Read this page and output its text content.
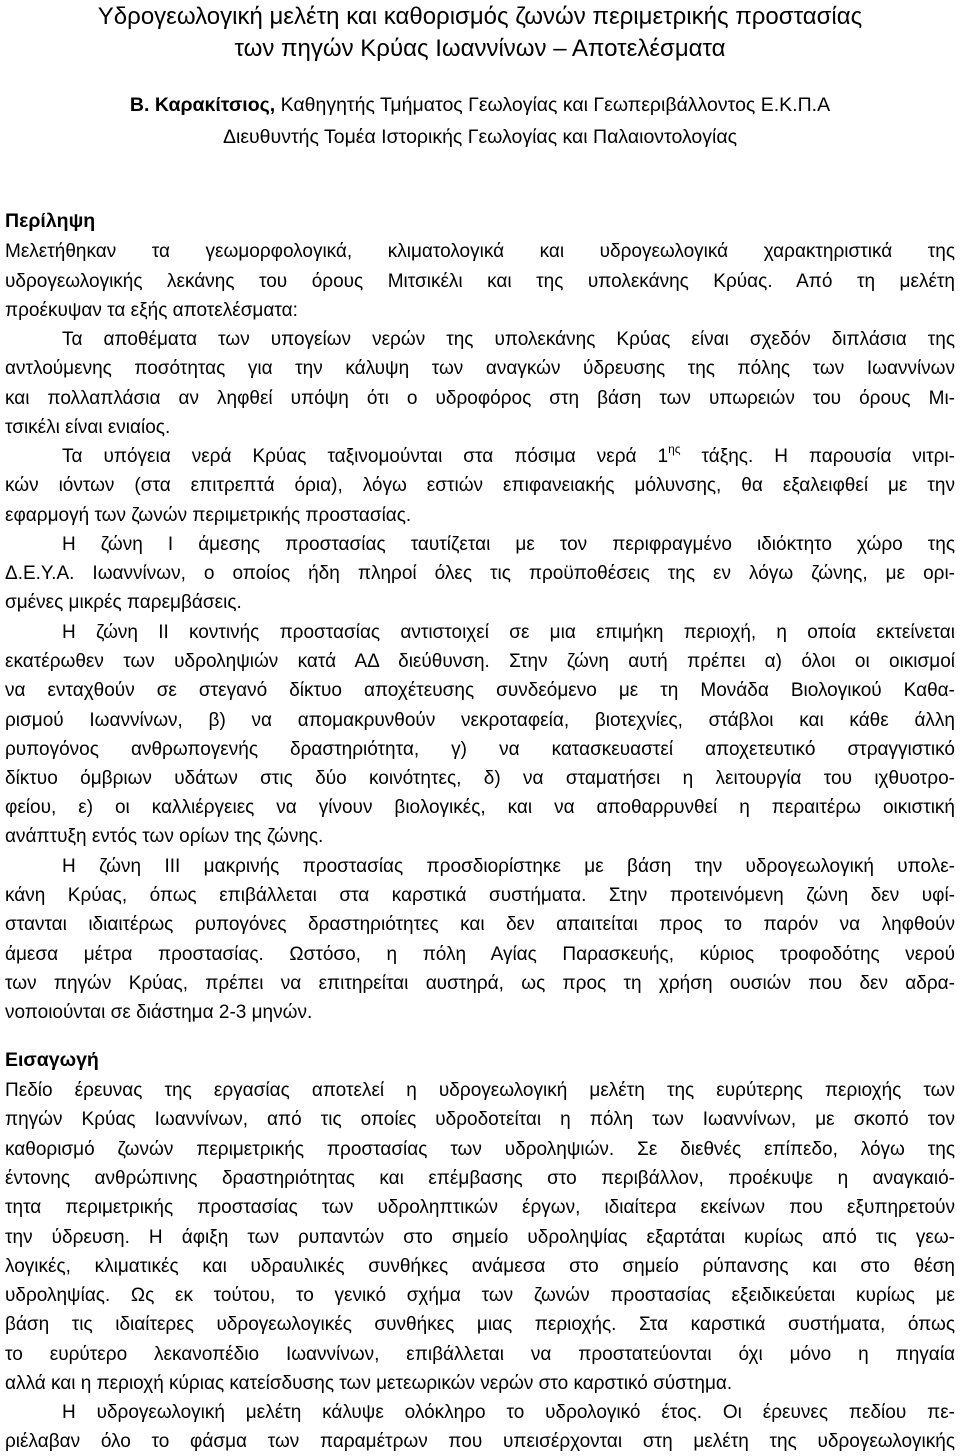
Υδρογεωλογική μελέτη και καθορισμός ζωνών περιμετρικής προστασίας
των πηγών Κρύας Ιωαννίνων – Αποτελέσματα
Β. Καρακίτσιος, Καθηγητής Τμήματος Γεωλογίας και Γεωπεριβάλλοντος Ε.Κ.Π.Α
Διευθυντής Τομέα Ιστορικής Γεωλογίας και Παλαιοντολογίας
Περίληψη
Μελετήθηκαν τα γεωμορφολογικά, κλιματολογικά και υδρογεωλογικά χαρακτηριστικά της
υδρογεωλογικής λεκάνης του όρους Μιτσικέλι και της υπολεκάνης Κρύας. Από τη μελέτη
προέκυψαν τα εξής αποτελέσματα:
Τα αποθέματα των υπογείων νερών της υπολεκάνης Κρύας είναι σχεδόν διπλάσια της
αντλούμενης ποσότητας για την κάλυψη των αναγκών ύδρευσης της πόλης των Ιωαννίνων
και πολλαπλάσια αν ληφθεί υπόψη ότι ο υδροφόρος στη βάση των υπωρειών του όρους Μι-
τσικέλι είναι ενιαίος.
Τα υπόγεια νερά Κρύας ταξινομούνται στα πόσιμα νερά $1^{\eta\varsigma}$ τάξης. Η παρουσία νιτρι-
κών ιόντων (στα επιτρεπτά όρια), λόγω εστιών επιφανειακής μόλυνσης, θα εξαλειφθεί με την
εφαρμογή των ζωνών περιμετρικής προστασίας.
Η ζώνη Ι άμεσης προστασίας ταυτίζεται με τον περιφραγμένο ιδιόκτητο χώρο της
Δ.Ε.Υ.Α. Ιωαννίνων, ο οποίος ήδη πληροί όλες τις προϋποθέσεις της εν λόγω ζώνης, με ορι-
σμένες μικρές παρεμβάσεις.
Η ζώνη ΙΙ κοντινής προστασίας αντιστοιχεί σε μια επιμήκη περιοχή, η οποία εκτείνεται
εκατέρωθεν των υδροληψιών κατά ΑΔ διεύθυνση. Στην ζώνη αυτή πρέπει α) όλοι οι οικισμοί
να ενταχθούν σε στεγανό δίκτυο αποχέτευσης συνδεόμενο με τη Μονάδα Βιολογικού Καθα-
ρισμού Ιωαννίνων, β) να απομακρυνθούν νεκροταφεία, βιοτεχνίες, στάβλοι και κάθε άλλη
ρυπογόνος ανθρωπογενής δραστηριότητα, γ) να κατασκευαστεί αποχετευτικό στραγγιστικό
δίκτυο όμβριων υδάτων στις δύο κοινότητες, δ) να σταματήσει η λειτουργία του ιχθυοτρο-
φείου, ε) οι καλλιέργειες να γίνουν βιολογικές, και να αποθαρρυνθεί η περαιτέρω οικιστική
ανάπτυξη εντός των ορίων της ζώνης.
Η ζώνη ΙΙΙ μακρινής προστασίας προσδιορίστηκε με βάση την υδρογεωλογική υπολε-
κάνη Κρύας, όπως επιβάλλεται στα καρστικά συστήματα. Στην προτεινόμενη ζώνη δεν υφί-
στανται ιδιαιτέρως ρυπογόνες δραστηριότητες και δεν απαιτείται προς το παρόν να ληφθούν
άμεσα μέτρα προστασίας. Ωστόσο, η πόλη Αγίας Παρασκευής, κύριος τροφοδότης νερού
των πηγών Κρύας, πρέπει να επιτηρείται αυστηρά, ως προς τη χρήση ουσιών που δεν αδρα-
νοποιούνται σε διάστημα 2-3 μηνών.
Εισαγωγή
Πεδίο έρευνας της εργασίας αποτελεί η υδρογεωλογική μελέτη της ευρύτερης περιοχής των
πηγών Κρύας Ιωαννίνων, από τις οποίες υδροδοτείται η πόλη των Ιωαννίνων, με σκοπό τον
καθορισμό ζωνών περιμετρικής προστασίας των υδροληψιών. Σε διεθνές επίπεδο, λόγω της
έντονης ανθρώπινης δραστηριότητας και επέμβασης στο περιβάλλον, προέκυψε η αναγκαιό-
τητα περιμετρικής προστασίας των υδροληπτικών έργων, ιδιαίτερα εκείνων που εξυπηρετούν
την ύδρευση. Η άφιξη των ρυπαντών στο σημείο υδροληψίας εξαρτάται κυρίως από τις γεω-
λογικές, κλιματικές και υδραυλικές συνθήκες ανάμεσα στο σημείο ρύπανσης και στο θέση
υδροληψίας. Ως εκ τούτου, το γενικό σχήμα των ζωνών προστασίας εξειδικεύεται κυρίως με
βάση τις ιδιαίτερες υδρογεωλογικές συνθήκες μιας περιοχής. Στα καρστικά συστήματα, όπως
το ευρύτερο λεκανοπέδιο Ιωαννίνων, επιβάλλεται να προστατεύονται όχι μόνο η πηγαία
αλλά και η περιοχή κύριας κατείσδυσης των μετεωρικών νερών στο καρστικό σύστημα.
Η υδρογεωλογική μελέτη κάλυψε ολόκληρο το υδρολογικό έτος. Οι έρευνες πεδίου πε-
ριέλαβαν όλο το φάσμα των παραμέτρων που υπεισέρχονται στη μελέτη της υδρογεωλογικής
